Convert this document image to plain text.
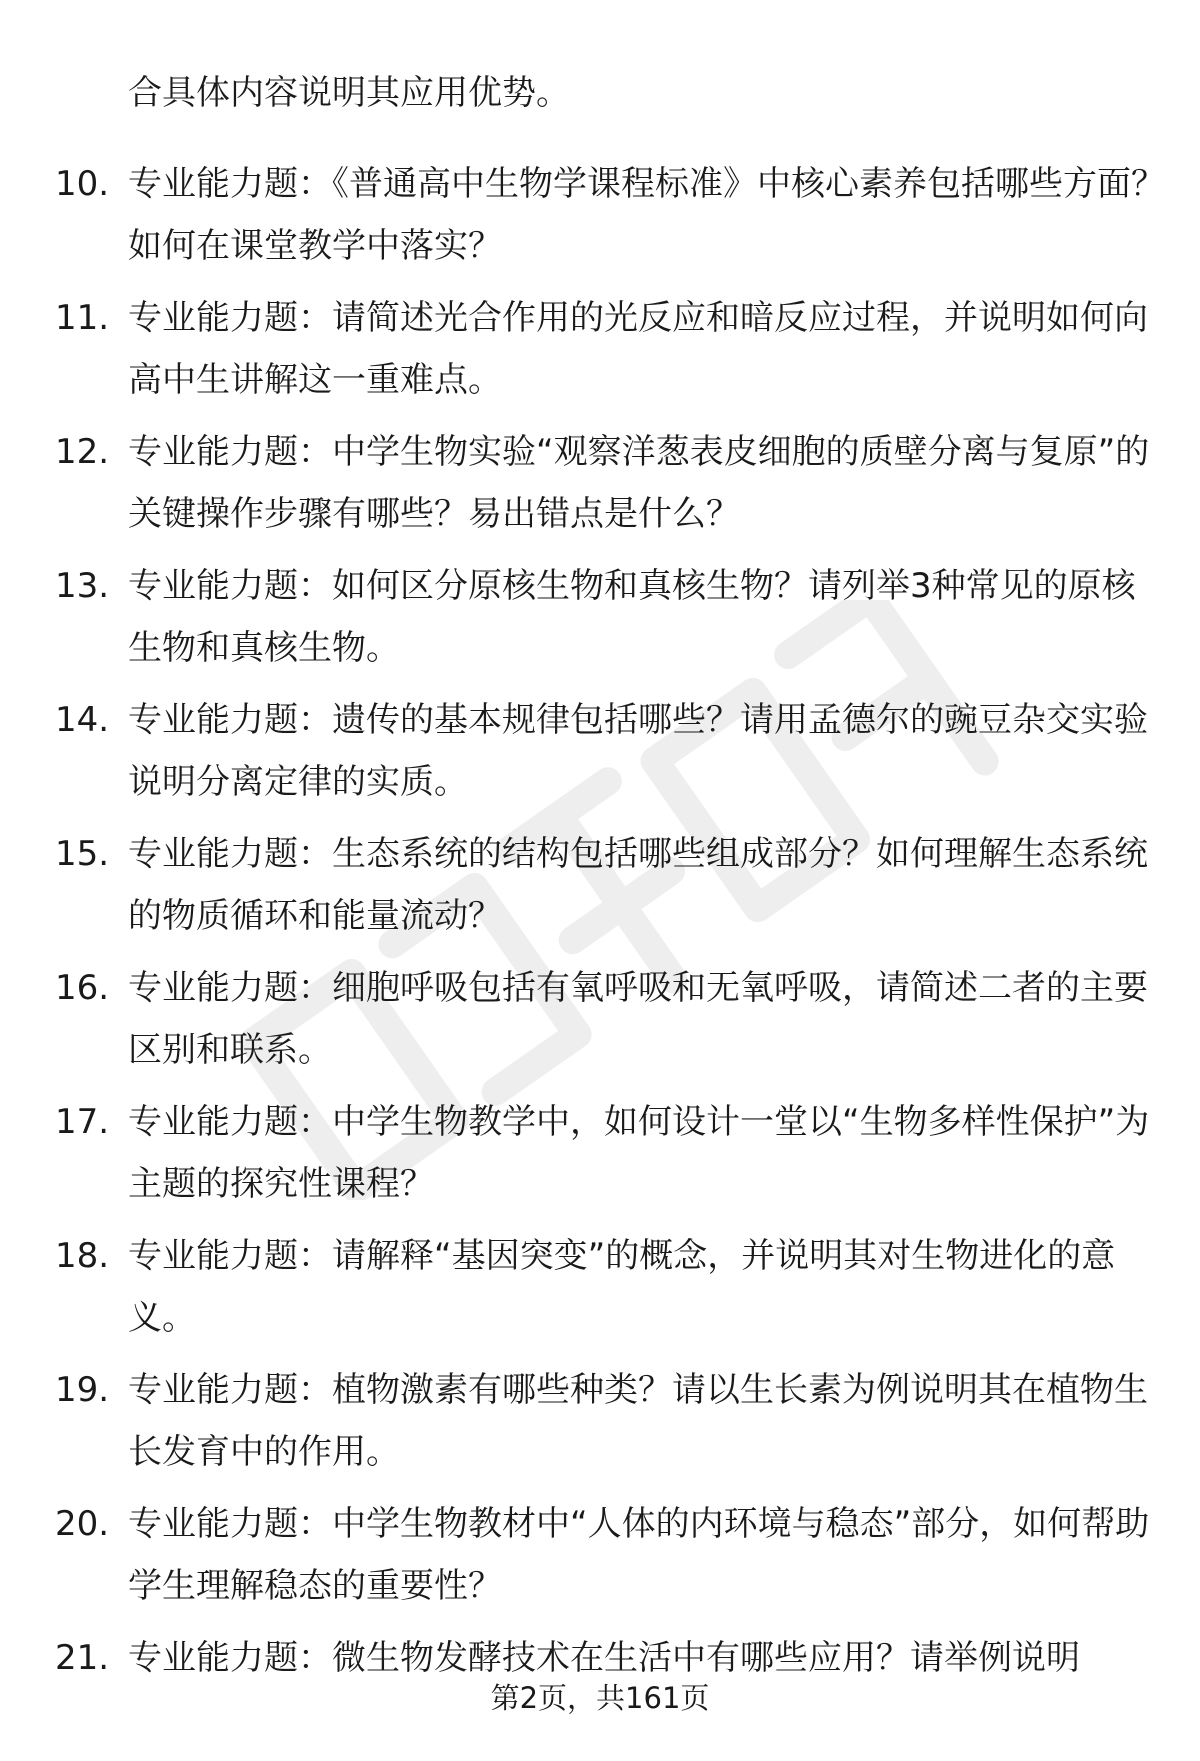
合具体内容说明其应用优势。
10. 专业能力题：《普通高中生物学课程标准》中核心素养包括哪些方面？如何在课堂教学中落实？
11. 专业能力题：请简述光合作用的光反应和暗反应过程，并说明如何向高中生讲解这一重难点。
12. 专业能力题：中学生物实验“观察洋葱表皮细胞的质壁分离与复原”的关键操作步骤有哪些？易出错点是什么？
13. 专业能力题：如何区分原核生物和真核生物？请列举3种常见的原核生物和真核生物。
14. 专业能力题：遗传的基本规律包括哪些？请用孟德尔的豌豆杂交实验说明分离定律的实质。
15. 专业能力题：生态系统的结构包括哪些组成部分？如何理解生态系统的物质循环和能量流动？
16. 专业能力题：细胞呼吸包括有氧呼吸和无氧呼吸，请简述二者的主要区别和联系。
17. 专业能力题：中学生物教学中，如何设计一堂以“生物多样性保护”为主题的探究性课程？
18. 专业能力题：请解释“基因突变”的概念，并说明其对生物进化的意义。
19. 专业能力题：植物激素有哪些种类？请以生长素为例说明其在植物生长发育中的作用。
20. 专业能力题：中学生物教材中“人体的内环境与稳态”部分，如何帮助学生理解稳态的重要性？
21. 专业能力题：微生物发酵技术在生活中有哪些应用？请举例说明
第2页，共161页
